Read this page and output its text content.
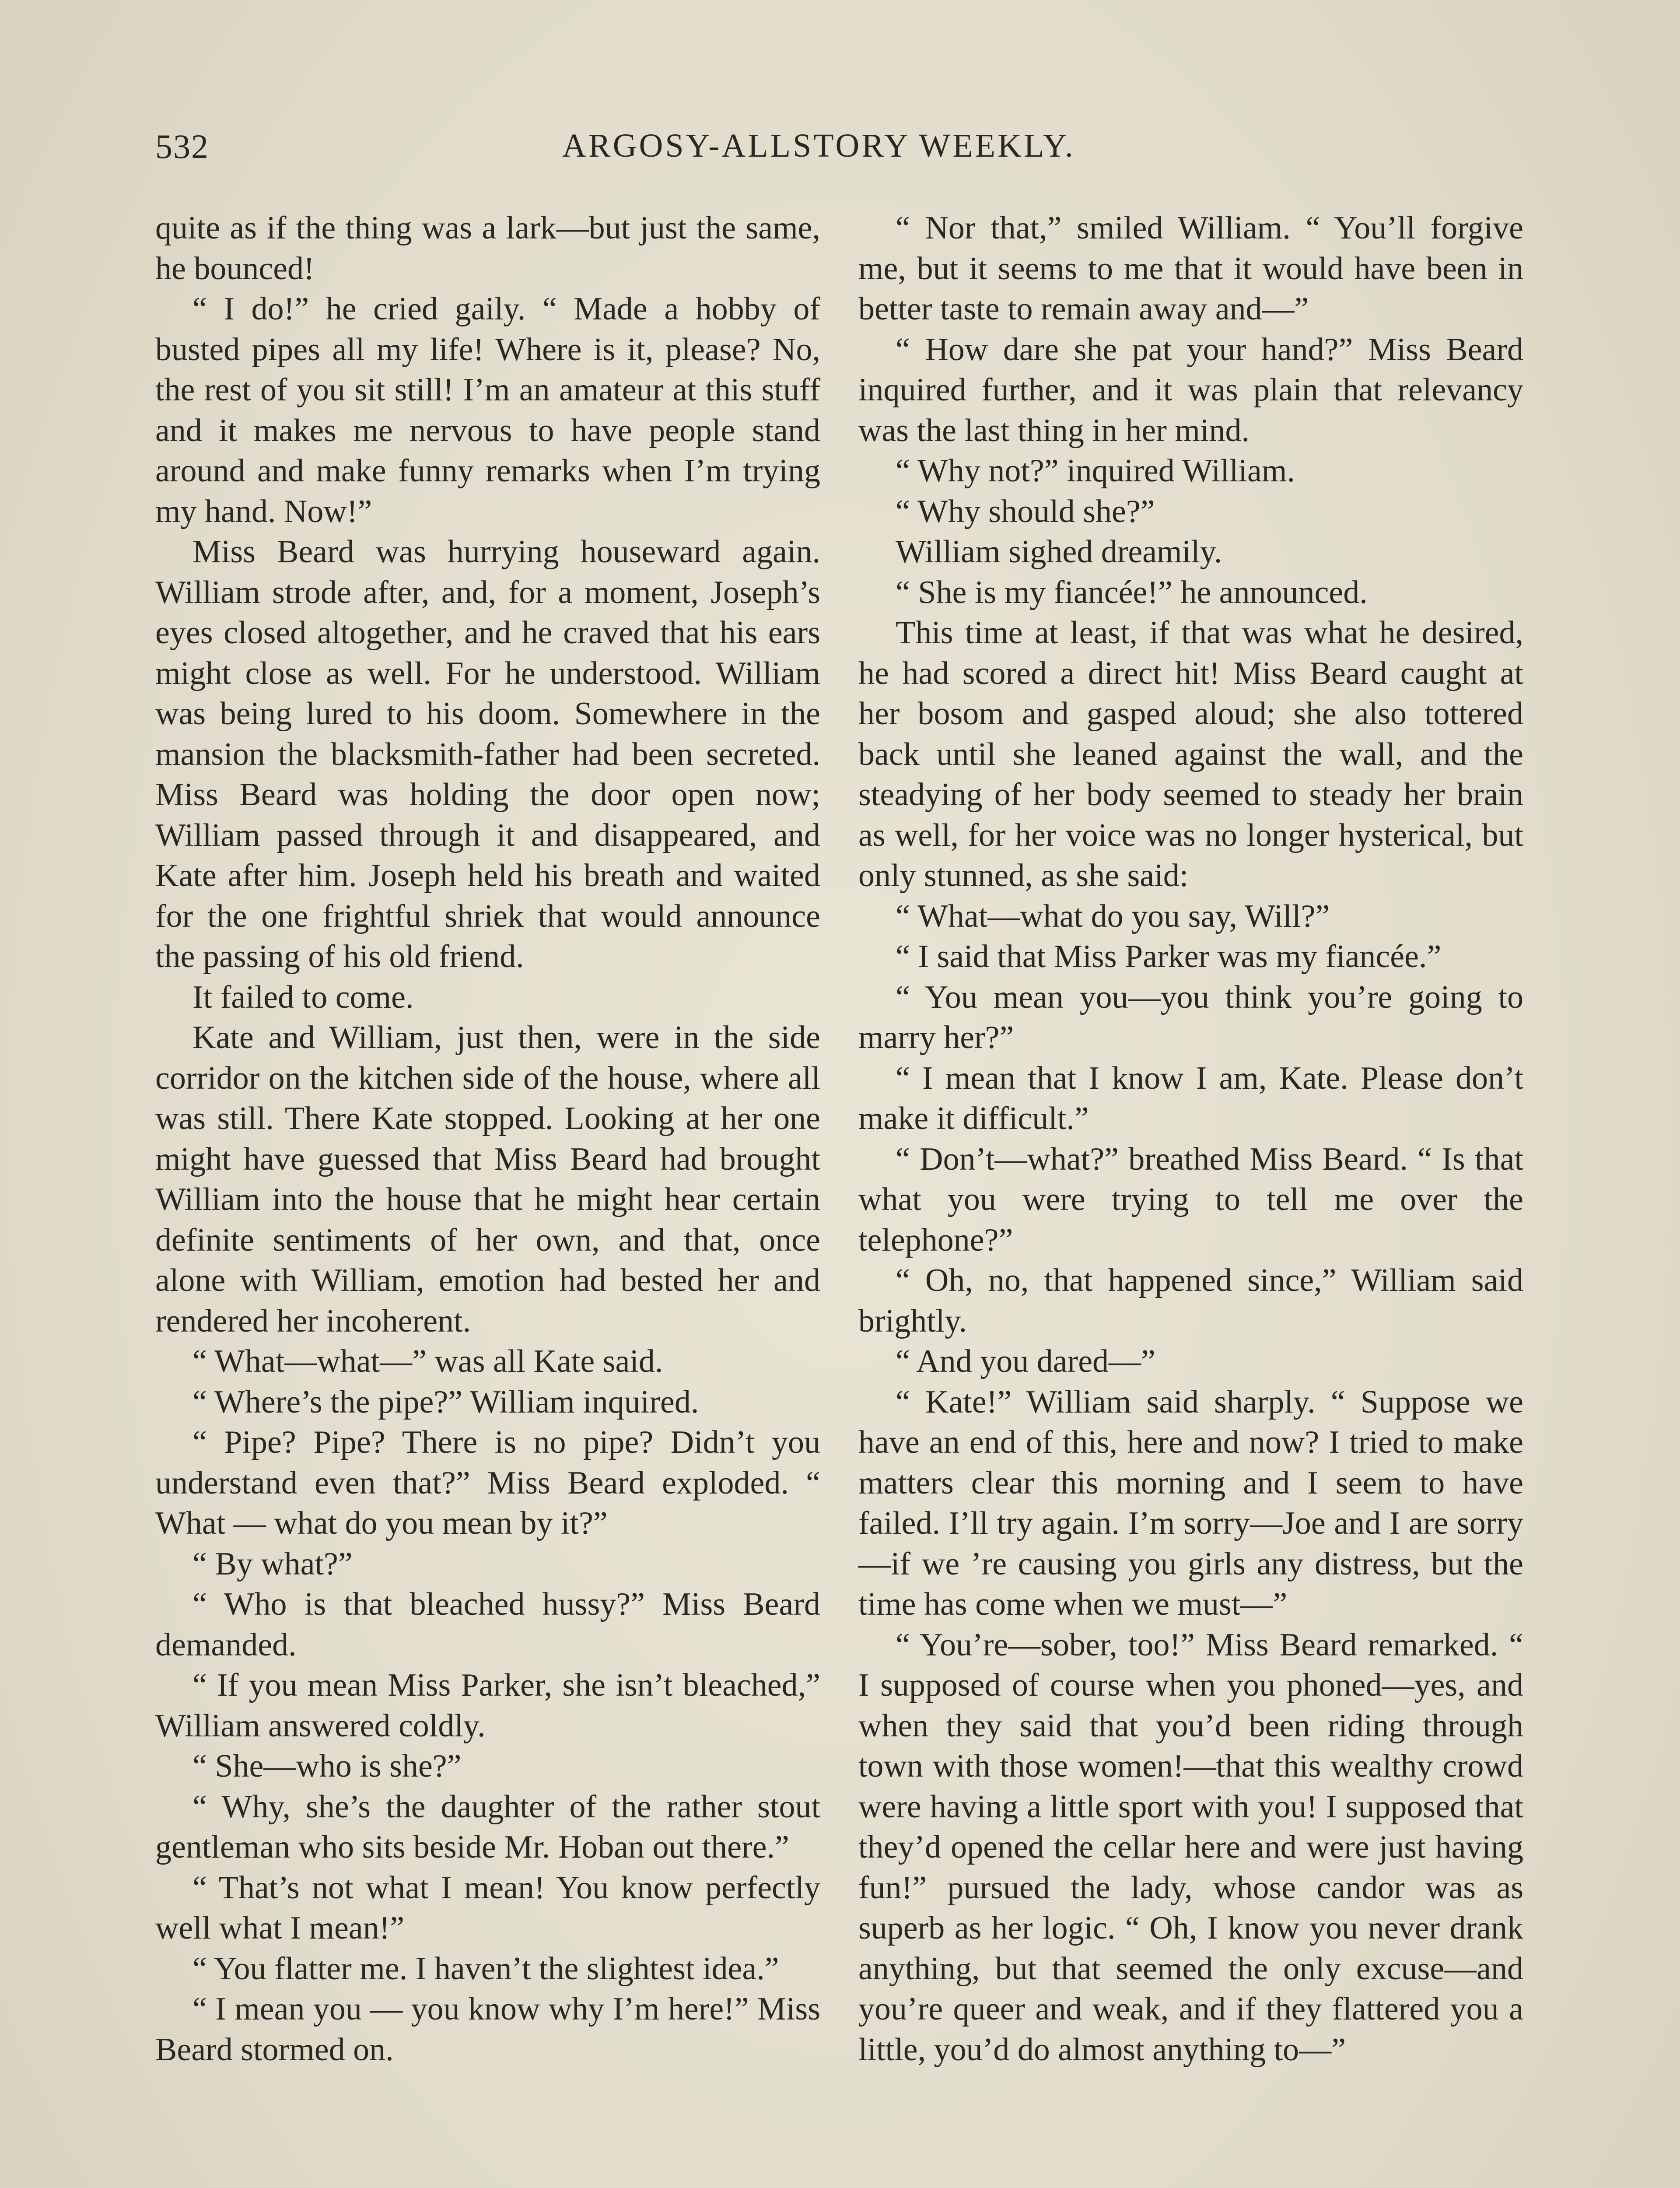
532	ARGOSY-ALLSTORY WEEKLY.

quite as if the thing was a lark—but just the same, he bounced!

“ I do!” he cried gaily. “ Made a hobby of busted pipes all my life! Where is it, please? No, the rest of you sit still! I’m an amateur at this stuff and it makes me nervous to have people stand around and make funny remarks when I’m trying my hand. Now!”

Miss Beard was hurrying houseward again. William strode after, and, for a moment, Joseph’s eyes closed altogether, and he craved that his ears might close as well. For he understood. William was being lured to his doom. Somewhere in the mansion the blacksmith-father had been secreted. Miss Beard was holding the door open now; William passed through it and disappeared, and Kate after him. Joseph held his breath and waited for the one frightful shriek that would announce the passing of his old friend.

It failed to come.

Kate and William, just then, were in the side corridor on the kitchen side of the house, where all was still. There Kate stopped. Looking at her one might have guessed that Miss Beard had brought William into the house that he might hear certain definite sentiments of her own, and that, once alone with William, emotion had bested her and rendered her incoherent.

“ What—what—” was all Kate said.

“ Where’s the pipe?” William inquired.

“ Pipe? Pipe? There is no pipe? Didn’t you understand even that?” Miss Beard exploded. “ What — what do you mean by it?”

“ By what?”

“ Who is that bleached hussy?” Miss Beard demanded.

“ If you mean Miss Parker, she isn’t bleached,” William answered coldly.

“ She—who is she?”

“ Why, she’s the daughter of the rather stout gentleman who sits beside Mr. Hoban out there.”

“ That’s not what I mean! You know perfectly well what I mean!”

“ You flatter me. I haven’t the slightest idea.”

“ I mean you — you know why I’m here!” Miss Beard stormed on.

“ Nor that,” smiled William. “ You’ll forgive me, but it seems to me that it would have been in better taste to remain away and—”

“ How dare she pat your hand?” Miss Beard inquired further, and it was plain that relevancy was the last thing in her mind.

“ Why not?” inquired William.

“ Why should she?”

William sighed dreamily.

“ She is my fiancée!” he announced.

This time at least, if that was what he desired, he had scored a direct hit! Miss Beard caught at her bosom and gasped aloud; she also tottered back until she leaned against the wall, and the steadying of her body seemed to steady her brain as well, for her voice was no longer hysterical, but only stunned, as she said:

“ What—what do you say, Will?”

“ I said that Miss Parker was my fiancée.”

“ You mean you—you think you’re going to marry her?”

“ I mean that I know I am, Kate. Please don’t make it difficult.”

“ Don’t—what?” breathed Miss Beard. “ Is that what you were trying to tell me over the telephone?”

“ Oh, no, that happened since,” William said brightly.

“ And you dared—”

“ Kate!” William said sharply. “ Suppose we have an end of this, here and now? I tried to make matters clear this morning and I seem to have failed. I’ll try again. I’m sorry—Joe and I are sorry—if we ’re causing you girls any distress, but the time has come when we must—”

“ You’re—sober, too!” Miss Beard remarked. “ I supposed of course when you phoned—yes, and when they said that you’d been riding through town with those women!—that this wealthy crowd were having a little sport with you! I supposed that they’d opened the cellar here and were just having fun!” pursued the lady, whose candor was as superb as her logic. “ Oh, I know you never drank anything, but that seemed the only excuse—and you’re queer and weak, and if they flattered you a little, you’d do almost anything to—”
